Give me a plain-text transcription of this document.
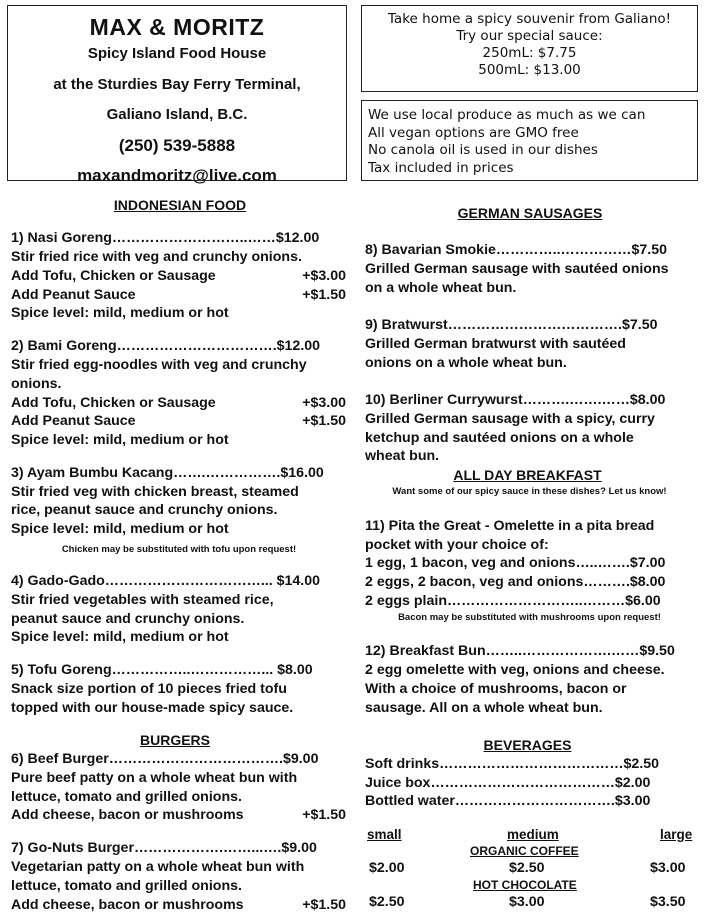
MAX & MORITZ
Spicy Island Food House
at the Sturdies Bay Ferry Terminal,
Galiano Island, B.C.
(250) 539-5888
maxandmoritz@live.com
Take home a spicy souvenir from Galiano!
Try our special sauce:
250mL: $7.75
500mL: $13.00
We use local produce as much as we can
All vegan options are GMO free
No canola oil is used in our dishes
Tax included in prices
INDONESIAN FOOD
1) Nasi Goreng………………………..……$12.00
Stir fried rice with veg and crunchy onions.
Add Tofu, Chicken or Sausage	+$3.00
Add Peanut Sauce	+$1.50
Spice level: mild, medium or hot
2) Bami Goreng…………………………….$12.00
Stir fried egg-noodles with veg and crunchy
onions.
Add Tofu, Chicken or Sausage	+$3.00
Add Peanut Sauce	+$1.50
Spice level: mild, medium or hot
3) Ayam Bumbu Kacang…….…………….$16.00
Stir fried veg with chicken breast, steamed
rice, peanut sauce and crunchy onions.
Spice level: mild, medium or hot
Chicken may be substituted with tofu upon request!
4) Gado-Gado……………………………... $14.00
Stir fried vegetables with steamed rice,
peanut sauce and crunchy onions.
Spice level: mild, medium or hot
5) Tofu Goreng……………..……………... $8.00
Snack size portion of 10 pieces fried tofu
topped with our house-made spicy sauce.
BURGERS
6) Beef Burger……………………………….$9.00
Pure beef patty on a whole wheat bun with
lettuce, tomato and grilled onions.
Add cheese, bacon or mushrooms	+$1.50
7) Go-Nuts Burger……………….……...….$9.00
Vegetarian patty on a whole wheat bun with
lettuce, tomato and grilled onions.
Add cheese, bacon or mushrooms	+$1.50
GERMAN SAUSAGES
8) Bavarian Smokie…………..……………$7.50
Grilled German sausage with sautéed onions
on a whole wheat bun.
9) Bratwurst……………………………….$7.50
Grilled German bratwurst with sautéed
onions on a whole wheat bun.
10) Berliner Currywurst……….…….……$8.00
Grilled German sausage with a spicy, curry
ketchup and sautéed onions on a whole
wheat bun.
ALL DAY BREAKFAST
Want some of our spicy sauce in these dishes? Let us know!
11) Pita the Great - Omelette in a pita bread
pocket with your choice of:
1 egg, 1 bacon, veg and onions…..…….$7.00
2 eggs, 2 bacon, veg and onions……….$8.00
2 eggs plain………………………..………$6.00
Bacon may be substituted with mushrooms upon request!
12) Breakfast Bun……..……………….……$9.50
2 egg omelette with veg, onions and cheese.
With a choice of mushrooms, bacon or
sausage. All on a whole wheat bun.
BEVERAGES
Soft drinks…………………………………$2.50
Juice box…………………………………$2.00
Bottled water…………………………….$3.00
small	medium	large
ORGANIC COFFEE
$2.00	$2.50	$3.00
HOT CHOCOLATE
$2.50	$3.00	$3.50
